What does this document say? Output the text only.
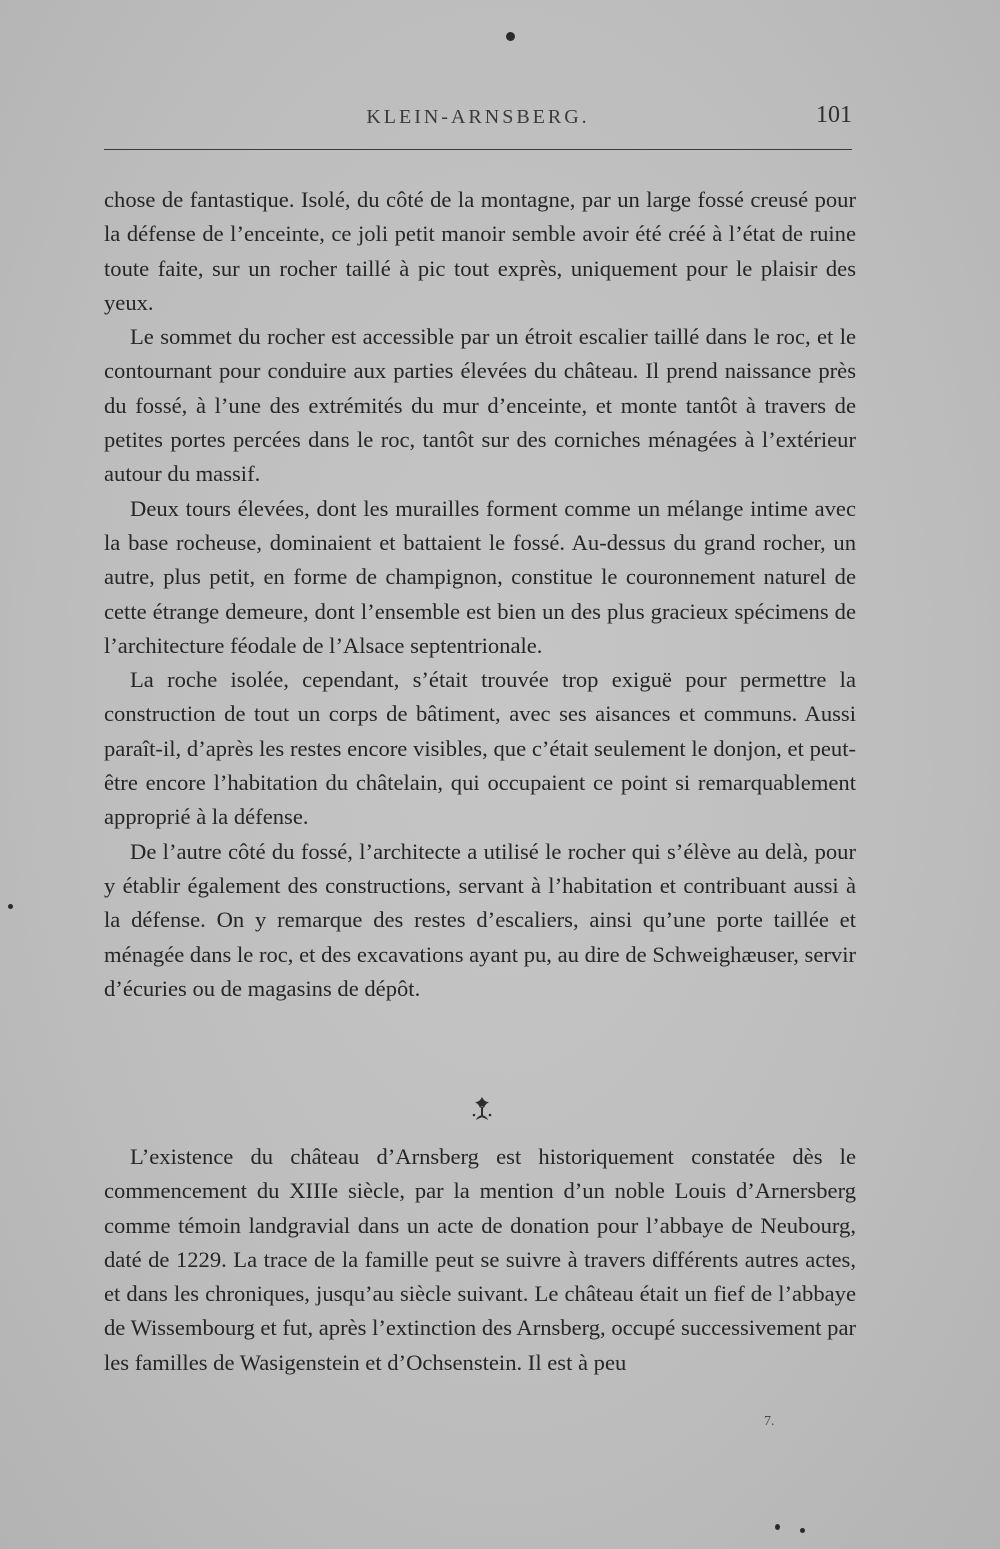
KLEIN-ARNSBERG.	101

chose de fantastique. Isolé, du côté de la montagne, par un large fossé creusé pour la défense de l’enceinte, ce joli petit manoir semble avoir été créé à l’état de ruine toute faite, sur un rocher taillé à pic tout exprès, uniquement pour le plaisir des yeux.

Le sommet du rocher est accessible par un étroit escalier taillé dans le roc, et le contournant pour conduire aux parties élevées du château. Il prend naissance près du fossé, à l’une des extrémités du mur d’enceinte, et monte tantôt à travers de petites portes percées dans le roc, tantôt sur des corniches ménagées à l’extérieur autour du massif.

Deux tours élevées, dont les murailles forment comme un mélange intime avec la base rocheuse, dominaient et battaient le fossé. Au-dessus du grand rocher, un autre, plus petit, en forme de champignon, constitue le couronnement naturel de cette étrange demeure, dont l’ensemble est bien un des plus gracieux spécimens de l’architecture féodale de l’Alsace septentrionale.

La roche isolée, cependant, s’était trouvée trop exiguë pour permettre la construction de tout un corps de bâtiment, avec ses aisances et communs. Aussi paraît-il, d’après les restes encore visibles, que c’était seulement le donjon, et peut-être encore l’habitation du châtelain, qui occupaient ce point si remarquablement approprié à la défense.

De l’autre côté du fossé, l’architecte a utilisé le rocher qui s’élève au delà, pour y établir également des constructions, servant à l’habitation et contribuant aussi à la défense. On y remarque des restes d’escaliers, ainsi qu’une porte taillée et ménagée dans le roc, et des excavations ayant pu, au dire de Schweighæuser, servir d’écuries ou de magasins de dépôt.

L’existence du château d’Arnsberg est historiquement constatée dès le commencement du XIIIe siècle, par la mention d’un noble Louis d’Arnersberg comme témoin landgravial dans un acte de donation pour l’abbaye de Neubourg, daté de 1229. La trace de la famille peut se suivre à travers différents autres actes, et dans les chroniques, jusqu’au siècle suivant. Le château était un fief de l’abbaye de Wissembourg et fut, après l’extinction des Arnsberg, occupé successivement par les familles de Wasigenstein et d’Ochsenstein. Il est à peu

7.
